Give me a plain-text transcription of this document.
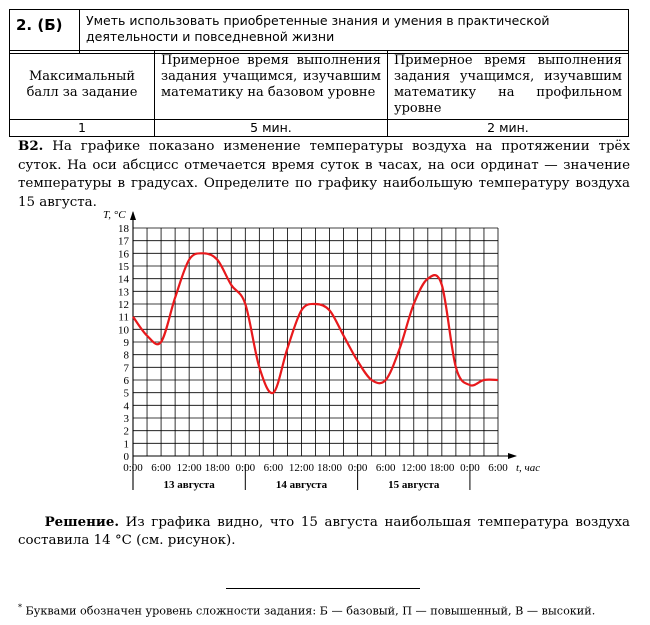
2. (Б)	Уметь использовать приобретенные знания и умения в практической деятельности и повседневной жизни
Максимальный балл за задание	Примерное время выполнения задания учащимся, изучавшим математику на базовом уровне	Примерное время выполнения задания учащимся, изучавшим математику на профильном уровне
1	5 мин.	2 мин.
В2. На графике показано изменение температуры воздуха на протяжении трёх суток. На оси абсцисс отмечается время суток в часах, на оси ординат — значение температуры в градусах. Определите по графику наибольшую температуру воздуха 15 августа.
0
1
2
3
4
5
6
7
8
9
10
11
12
13
14
15
16
17
18
0:00 6:00 12:00 18:00 0:00 6:00 12:00 18:00 0:00 6:00 12:00 18:00 0:00 6:00
13 августа	14 августа	15 августа
T, °C
t, час
Решение. Из графика видно, что 15 августа наибольшая температура воздуха составила 14 °C (см. рисунок).
* Буквами обозначен уровень сложности задания: Б — базовый, П — повышенный, В — высокий.
